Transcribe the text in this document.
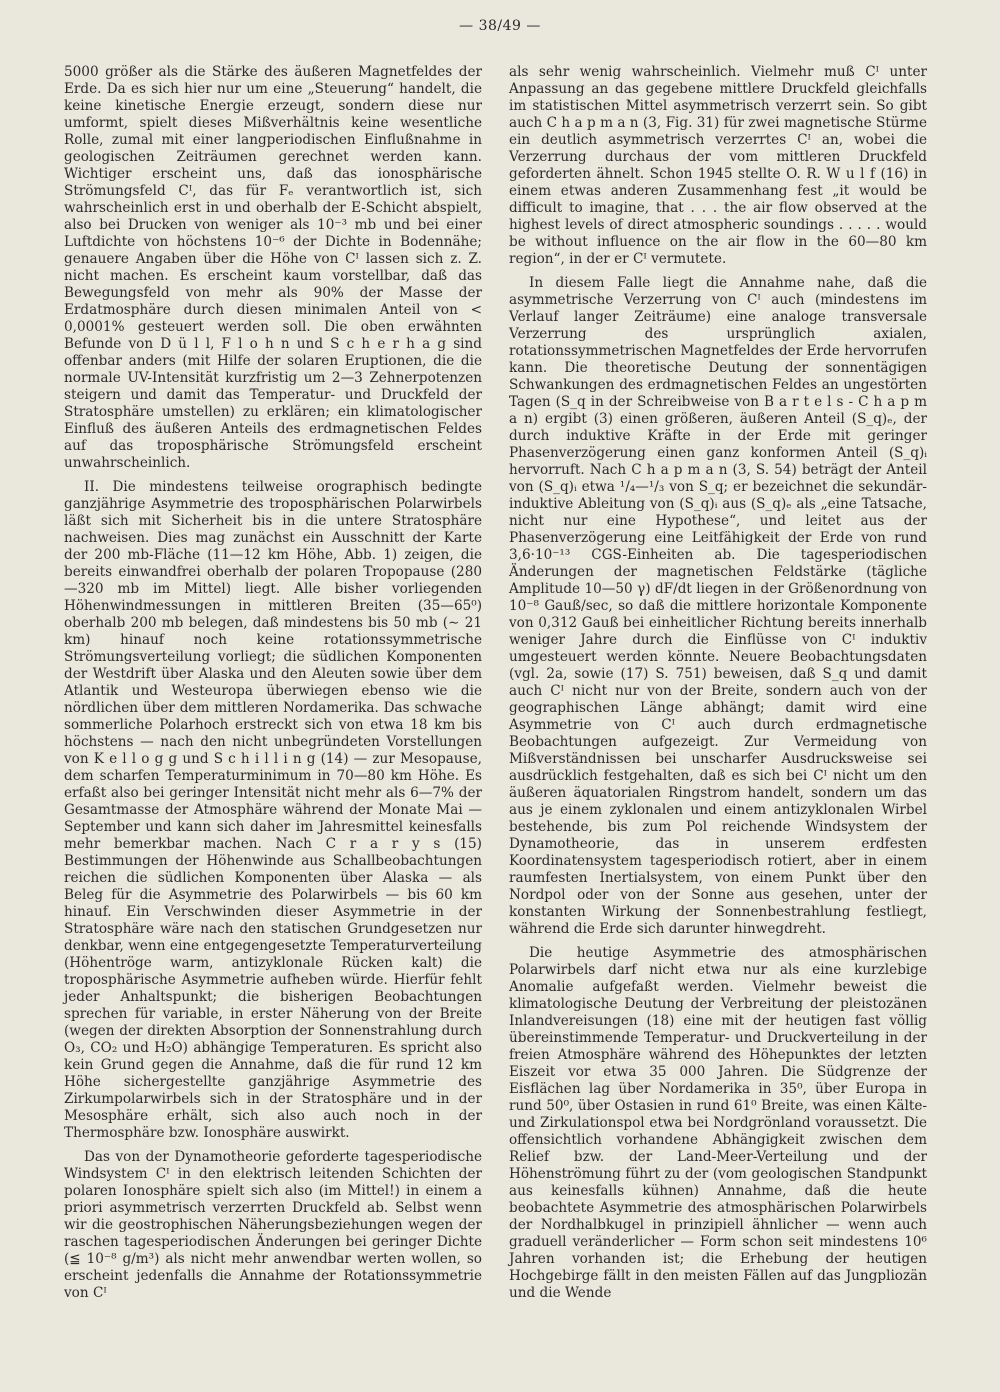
— 38/49 —

5000 größer als die Stärke des äußeren Magnetfeldes der Erde. Da es sich hier nur um eine „Steuerung“ handelt, die keine kinetische Energie erzeugt, sondern diese nur umformt, spielt dieses Mißverhältnis keine wesentliche Rolle, zumal mit einer langperiodischen Einflußnahme in geologischen Zeiträumen gerechnet werden kann. Wichtiger erscheint uns, daß das ionosphärische Strömungsfeld Cᴵ, das für Fₑ verantwortlich ist, sich wahrscheinlich erst in und oberhalb der E-Schicht abspielt, also bei Drucken von weniger als 10⁻³ mb und bei einer Luftdichte von höchstens 10⁻⁶ der Dichte in Bodennähe; genauere Angaben über die Höhe von Cᴵ lassen sich z. Z. nicht machen. Es erscheint kaum vorstellbar, daß das Bewegungsfeld von mehr als 90% der Masse der Erdatmosphäre durch diesen minimalen Anteil von < 0,0001% gesteuert werden soll. Die oben erwähnten Befunde von D ü l l, F l o h n und S c h e r h a g sind offenbar anders (mit Hilfe der solaren Eruptionen, die die normale UV-Intensität kurzfristig um 2—3 Zehnerpotenzen steigern und damit das Temperatur- und Druckfeld der Stratosphäre umstellen) zu erklären; ein klimatologischer Einfluß des äußeren Anteils des erdmagnetischen Feldes auf das troposphärische Strömungsfeld erscheint unwahrscheinlich.

II. Die mindestens teilweise orographisch bedingte ganzjährige Asymmetrie des troposphärischen Polarwirbels läßt sich mit Sicherheit bis in die untere Stratosphäre nachweisen. Dies mag zunächst ein Ausschnitt der Karte der 200 mb-Fläche (11—12 km Höhe, Abb. 1) zeigen, die bereits einwandfrei oberhalb der polaren Tropopause (280—320 mb im Mittel) liegt. Alle bisher vorliegenden Höhenwindmessungen in mittleren Breiten (35—65⁰) oberhalb 200 mb belegen, daß mindestens bis 50 mb (∼ 21 km) hinauf noch keine rotationssymmetrische Strömungsverteilung vorliegt; die südlichen Komponenten der Westdrift über Alaska und den Aleuten sowie über dem Atlantik und Westeuropa überwiegen ebenso wie die nördlichen über dem mittleren Nordamerika. Das schwache sommerliche Polarhoch erstreckt sich von etwa 18 km bis höchstens — nach den nicht unbegründeten Vorstellungen von K e l l o g g und S c h i l l i n g (14) — zur Mesopause, dem scharfen Temperaturminimum in 70—80 km Höhe. Es erfaßt also bei geringer Intensität nicht mehr als 6—7% der Gesamtmasse der Atmosphäre während der Monate Mai — September und kann sich daher im Jahresmittel keinesfalls mehr bemerkbar machen. Nach C r a r y s (15) Bestimmungen der Höhenwinde aus Schallbeobachtungen reichen die südlichen Komponenten über Alaska — als Beleg für die Asymmetrie des Polarwirbels — bis 60 km hinauf. Ein Verschwinden dieser Asymmetrie in der Stratosphäre wäre nach den statischen Grundgesetzen nur denkbar, wenn eine entgegengesetzte Temperaturverteilung (Höhentröge warm, antizyklonale Rücken kalt) die troposphärische Asymmetrie aufheben würde. Hierfür fehlt jeder Anhaltspunkt; die bisherigen Beobachtungen sprechen für variable, in erster Näherung von der Breite (wegen der direkten Absorption der Sonnenstrahlung durch O₃, CO₂ und H₂O) abhängige Temperaturen. Es spricht also kein Grund gegen die Annahme, daß die für rund 12 km Höhe sichergestellte ganzjährige Asymmetrie des Zirkumpolarwirbels sich in der Stratosphäre und in der Mesosphäre erhält, sich also auch noch in der Thermosphäre bzw. Ionosphäre auswirkt.

Das von der Dynamotheorie geforderte tagesperiodische Windsystem Cᴵ in den elektrisch leitenden Schichten der polaren Ionosphäre spielt sich also (im Mittel!) in einem a priori asymmetrisch verzerrten Druckfeld ab. Selbst wenn wir die geostrophischen Näherungsbeziehungen wegen der raschen tagesperiodischen Änderungen bei geringer Dichte (≦ 10⁻⁸ g/m³) als nicht mehr anwendbar werten wollen, so erscheint jedenfalls die Annahme der Rotationssymmetrie von Cᴵ

als sehr wenig wahrscheinlich. Vielmehr muß Cᴵ unter Anpassung an das gegebene mittlere Druckfeld gleichfalls im statistischen Mittel asymmetrisch verzerrt sein. So gibt auch C h a p m a n (3, Fig. 31) für zwei magnetische Stürme ein deutlich asymmetrisch verzerrtes Cᴵ an, wobei die Verzerrung durchaus der vom mittleren Druckfeld geforderten ähnelt. Schon 1945 stellte O. R. W u l f (16) in einem etwas anderen Zusammenhang fest „it would be difficult to imagine, that . . . the air flow observed at the highest levels of direct atmospheric soundings . . . . . would be without influence on the air flow in the 60—80 km region“, in der er Cᴵ vermutete.

In diesem Falle liegt die Annahme nahe, daß die asymmetrische Verzerrung von Cᴵ auch (mindestens im Verlauf langer Zeiträume) eine analoge transversale Verzerrung des ursprünglich axialen, rotationssymmetrischen Magnetfeldes der Erde hervorrufen kann. Die theoretische Deutung der sonnentägigen Schwankungen des erdmagnetischen Feldes an ungestörten Tagen (S_q in der Schreibweise von B a r t e l s - C h a p m a n) ergibt (3) einen größeren, äußeren Anteil (S_q)ₑ, der durch induktive Kräfte in der Erde mit geringer Phasenverzögerung einen ganz konformen Anteil (S_q)ᵢ hervorruft. Nach C h a p m a n (3, S. 54) beträgt der Anteil von (S_q)ᵢ etwa ¹/₄—¹/₃ von S_q; er bezeichnet die sekundär-induktive Ableitung von (S_q)ᵢ aus (S_q)ₑ als „eine Tatsache, nicht nur eine Hypothese“, und leitet aus der Phasenverzögerung eine Leitfähigkeit der Erde von rund 3,6·10⁻¹³ CGS-Einheiten ab. Die tagesperiodischen Änderungen der magnetischen Feldstärke (tägliche Amplitude 10—50 γ) dF/dt liegen in der Größenordnung von 10⁻⁸ Gauß/sec, so daß die mittlere horizontale Komponente von 0,312 Gauß bei einheitlicher Richtung bereits innerhalb weniger Jahre durch die Einflüsse von Cᴵ induktiv umgesteuert werden könnte. Neuere Beobachtungsdaten (vgl. 2a, sowie (17) S. 751) beweisen, daß S_q und damit auch Cᴵ nicht nur von der Breite, sondern auch von der geographischen Länge abhängt; damit wird eine Asymmetrie von Cᴵ auch durch erdmagnetische Beobachtungen aufgezeigt. Zur Vermeidung von Mißverständnissen bei unscharfer Ausdrucksweise sei ausdrücklich festgehalten, daß es sich bei Cᴵ nicht um den äußeren äquatorialen Ringstrom handelt, sondern um das aus je einem zyklonalen und einem antizyklonalen Wirbel bestehende, bis zum Pol reichende Windsystem der Dynamotheorie, das in unserem erdfesten Koordinatensystem tagesperiodisch rotiert, aber in einem raumfesten Inertialsystem, von einem Punkt über den Nordpol oder von der Sonne aus gesehen, unter der konstanten Wirkung der Sonnenbestrahlung festliegt, während die Erde sich darunter hinwegdreht.

Die heutige Asymmetrie des atmosphärischen Polarwirbels darf nicht etwa nur als eine kurzlebige Anomalie aufgefaßt werden. Vielmehr beweist die klimatologische Deutung der Verbreitung der pleistozänen Inlandvereisungen (18) eine mit der heutigen fast völlig übereinstimmende Temperatur- und Druckverteilung in der freien Atmosphäre während des Höhepunktes der letzten Eiszeit vor etwa 35 000 Jahren. Die Südgrenze der Eisflächen lag über Nordamerika in 35⁰, über Europa in rund 50⁰, über Ostasien in rund 61⁰ Breite, was einen Kälte- und Zirkulationspol etwa bei Nordgrönland voraussetzt. Die offensichtlich vorhandene Abhängigkeit zwischen dem Relief bzw. der Land-Meer-Verteilung und der Höhenströmung führt zu der (vom geologischen Standpunkt aus keinesfalls kühnen) Annahme, daß die heute beobachtete Asymmetrie des atmosphärischen Polarwirbels der Nordhalbkugel in prinzipiell ähnlicher — wenn auch graduell veränderlicher — Form schon seit mindestens 10⁶ Jahren vorhanden ist; die Erhebung der heutigen Hochgebirge fällt in den meisten Fällen auf das Jungpliozän und die Wende
